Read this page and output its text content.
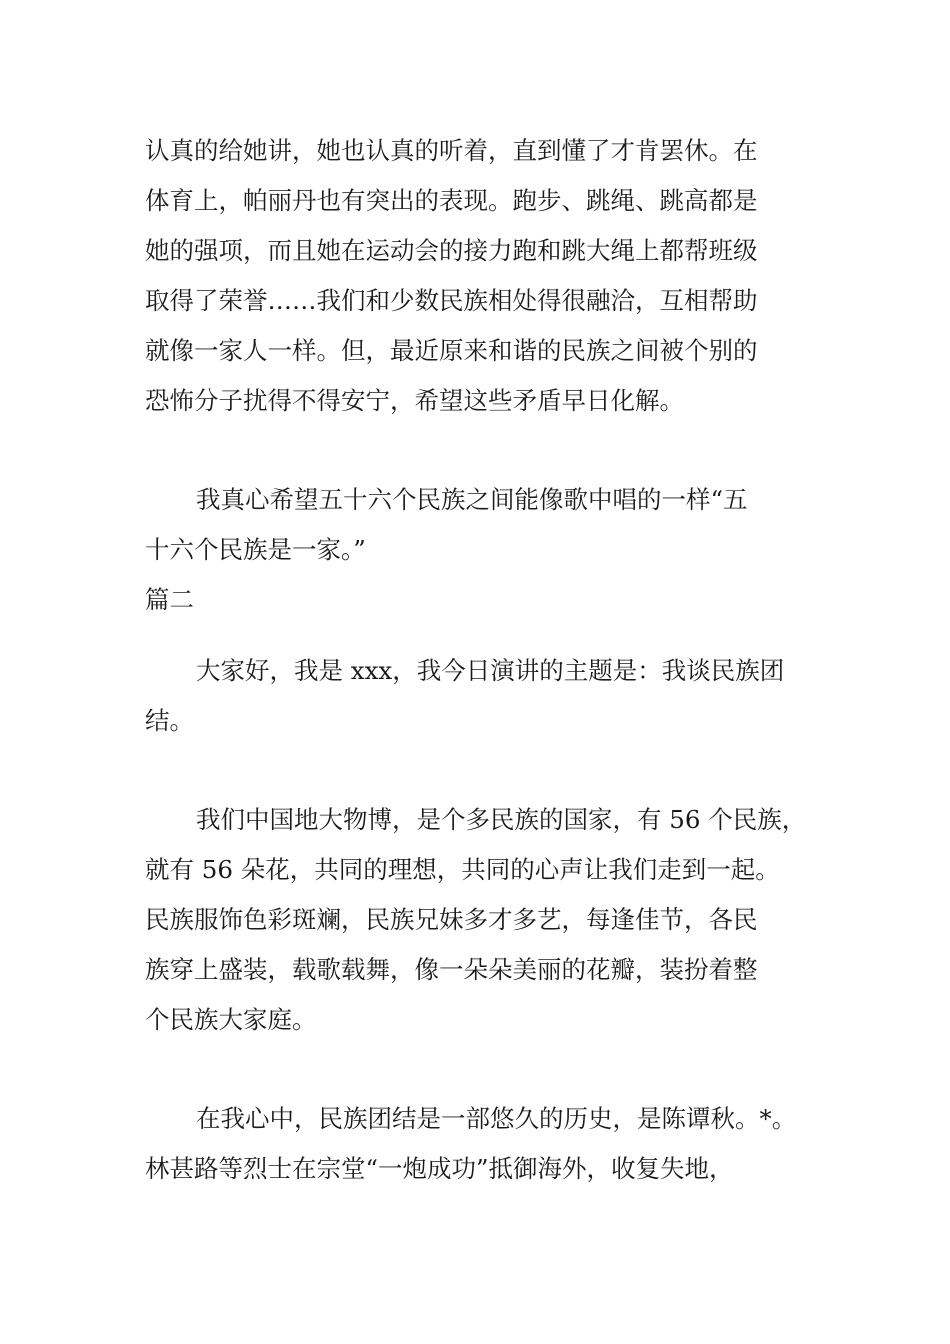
认真的给她讲，她也认真的听着，直到懂了才肯罢休。在
体育上，帕丽丹也有突出的表现。跑步、跳绳、跳高都是
她的强项，而且她在运动会的接力跑和跳大绳上都帮班级
取得了荣誉……我们和少数民族相处得很融洽，互相帮助
就像一家人一样。但，最近原来和谐的民族之间被个别的
恐怖分子扰得不得安宁，希望这些矛盾早日化解。
我真心希望五十六个民族之间能像歌中唱的一样“五
十六个民族是一家。”
篇二
大家好，我是 xxx，我今日演讲的主题是：我谈民族团
结。
我们中国地大物博，是个多民族的国家，有 56 个民族，
就有 56 朵花，共同的理想，共同的心声让我们走到一起。
民族服饰色彩斑斓，民族兄妹多才多艺，每逢佳节，各民
族穿上盛装，载歌载舞，像一朵朵美丽的花瓣，装扮着整
个民族大家庭。
在我心中，民族团结是一部悠久的历史，是陈谭秋。*。
林甚路等烈士在宗堂“一炮成功”抵御海外，收复失地，
